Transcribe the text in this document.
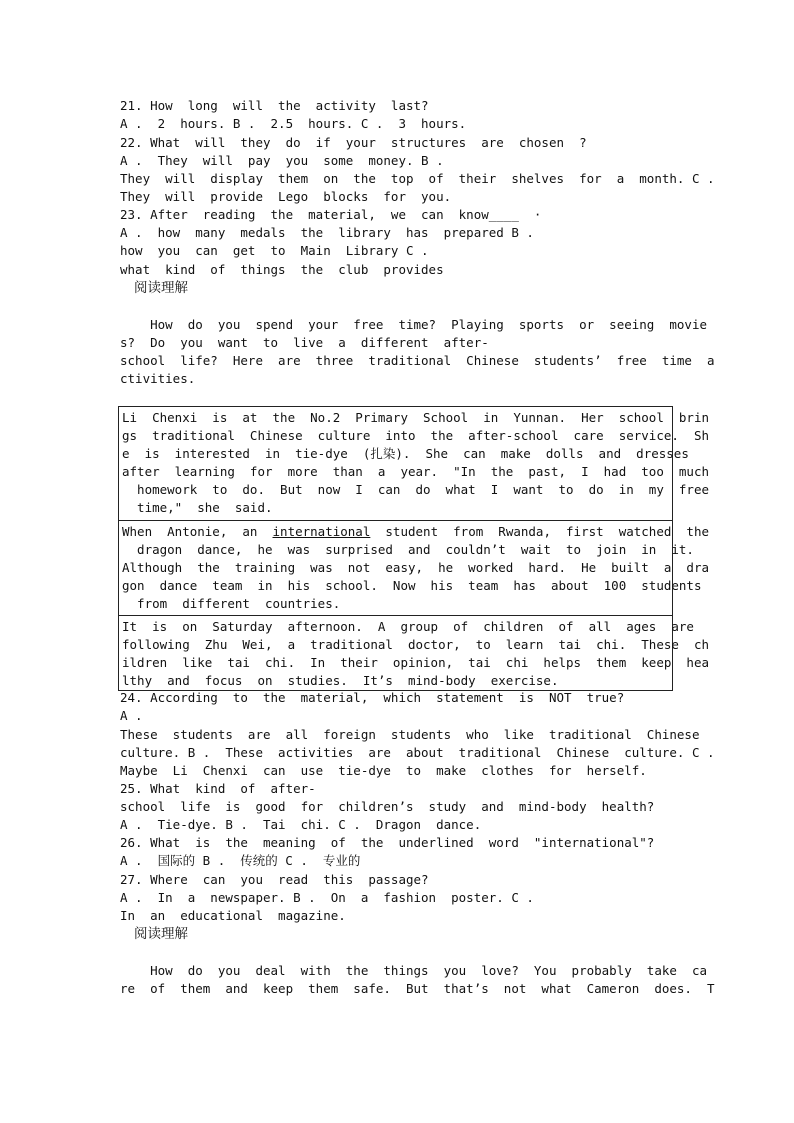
21. How  long  will  the  activity  last?
A .  2  hours. B .  2.5  hours. C .  3  hours.
22. What  will  they  do  if  your  structures  are  chosen  ?
A .  They  will  pay  you  some  money. B .
They  will  display  them  on  the  top  of  their  shelves  for  a  month. C .
They  will  provide  Lego  blocks  for  you.
23. After  reading  the  material,  we  can  know____  ·
A .  how  many  medals  the  library  has  prepared B .
how  you  can  get  to  Main  Library C .
what  kind  of  things  the  club  provides
阅读理解
How  do  you  spend  your  free  time?  Playing  sports  or  seeing  movie
s?  Do  you  want  to  live  a  different  after-
school  life?  Here  are  three  traditional  Chinese  students’  free  time  a
ctivities.
Li  Chenxi  is  at  the  No.2  Primary  School  in  Yunnan.  Her  school  brin
gs  traditional  Chinese  culture  into  the  after-school  care  service.  Sh
e  is  interested  in  tie-dye  (扎染).  She  can  make  dolls  and  dresses
after  learning  for  more  than  a  year.  "In  the  past,  I  had  too  much
homework  to  do.  But  now  I  can  do  what  I  want  to  do  in  my  free
time,"  she  said.
When  Antonie,  an  international  student  from  Rwanda,  first  watched  the
dragon  dance,  he  was  surprised  and  couldn’t  wait  to  join  in  it.
Although  the  training  was  not  easy,  he  worked  hard.  He  built  a  dra
gon  dance  team  in  his  school.  Now  his  team  has  about  100  students
from  different  countries.
It  is  on  Saturday  afternoon.  A  group  of  children  of  all  ages  are
following  Zhu  Wei,  a  traditional  doctor,  to  learn  tai  chi.  These  ch
ildren  like  tai  chi.  In  their  opinion,  tai  chi  helps  them  keep  hea
lthy  and  focus  on  studies.  It’s  mind-body  exercise.
24. According  to  the  material,  which  statement  is  NOT  true?
A .
These  students  are  all  foreign  students  who  like  traditional  Chinese
culture. B .  These  activities  are  about  traditional  Chinese  culture. C .
Maybe  Li  Chenxi  can  use  tie-dye  to  make  clothes  for  herself.
25. What  kind  of  after-
school  life  is  good  for  children’s  study  and  mind-body  health?
A .  Tie-dye. B .  Tai  chi. C .  Dragon  dance.
26. What  is  the  meaning  of  the  underlined  word  "international"?
A .  国际的 B .  传统的 C .  专业的
27. Where  can  you  read  this  passage?
A .  In  a  newspaper. B .  On  a  fashion  poster. C .
In  an  educational  magazine.
阅读理解
How  do  you  deal  with  the  things  you  love?  You  probably  take  ca
re  of  them  and  keep  them  safe.  But  that’s  not  what  Cameron  does.  T
